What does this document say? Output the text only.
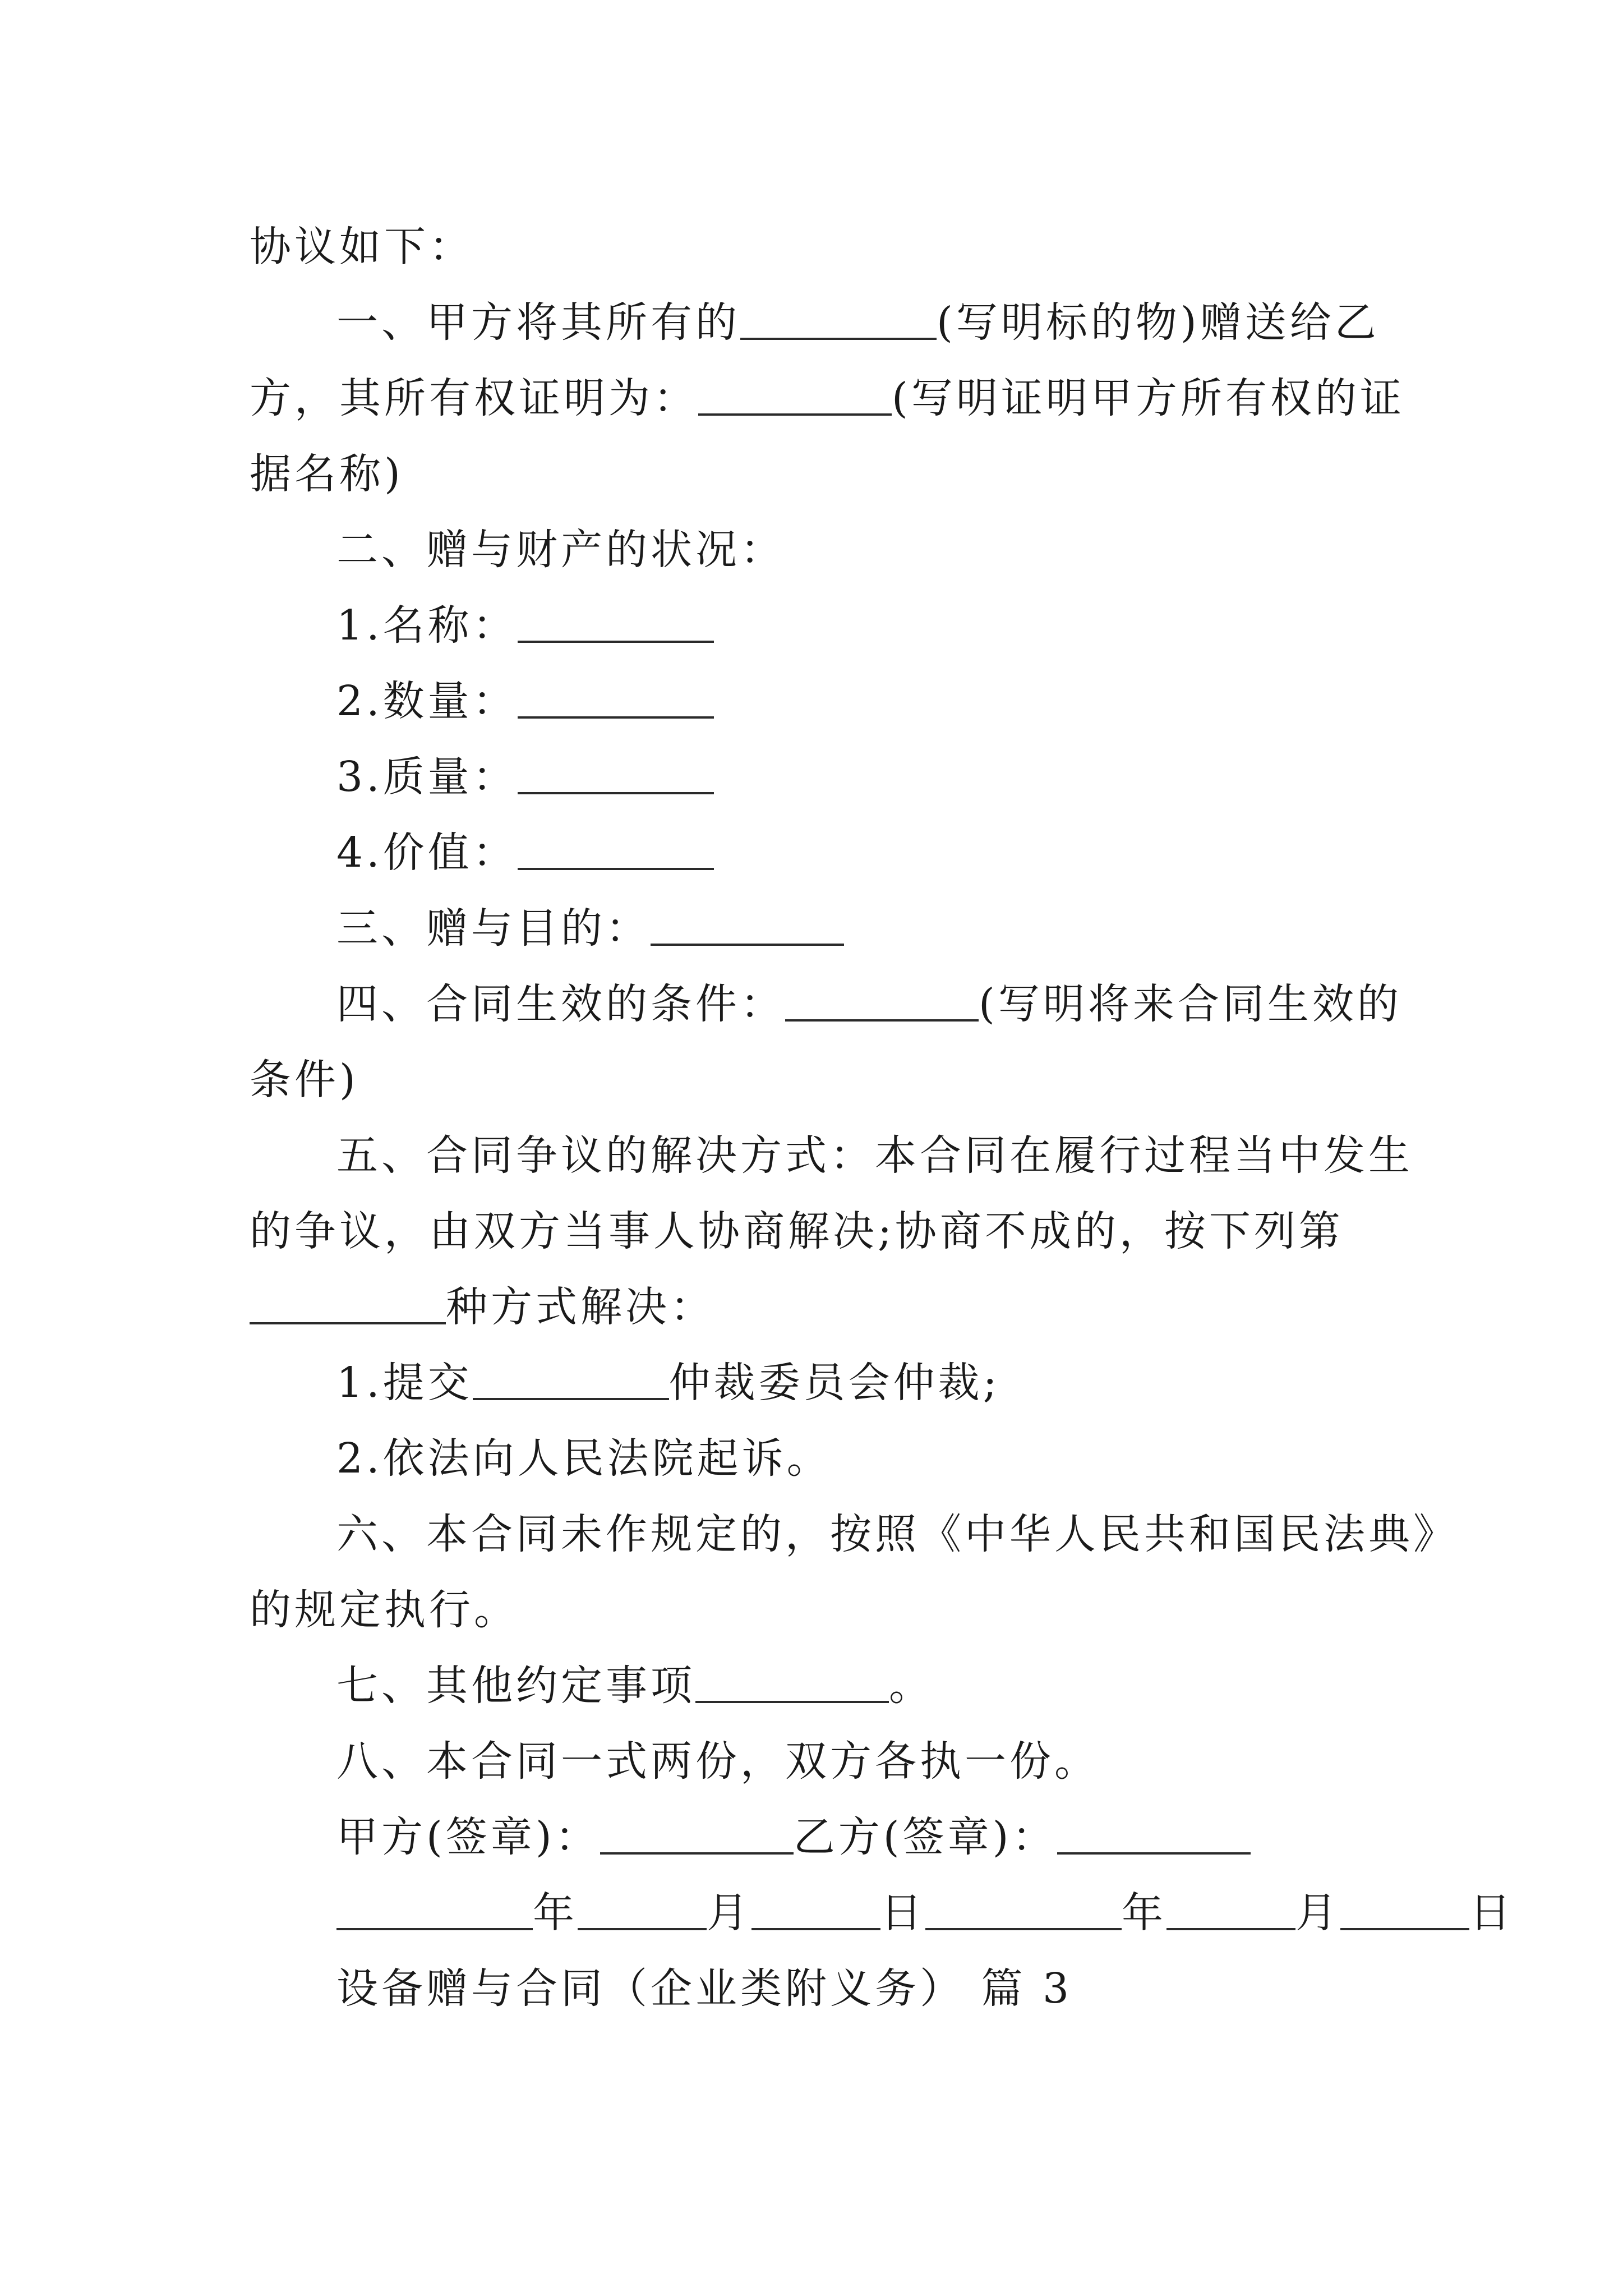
协议如下：
一、甲方将其所有的	(写明标的物)赠送给乙
方，其所有权证明为：	(写明证明甲方所有权的证
据名称)
二、赠与财产的状况：
1.名称：
2.数量：
3.质量：
4.价值：
三、赠与目的：
四、合同生效的条件：	(写明将来合同生效的
条件)
五、合同争议的解决方式：本合同在履行过程当中发生
的争议，由双方当事人协商解决;协商不成的，按下列第
种方式解决：
1.提交	仲裁委员会仲裁;
2.依法向人民法院起诉。
六、本合同未作规定的，按照《中华人民共和国民法典》
的规定执行。
七、其他约定事项	。
八、本合同一式两份，双方各执一份。
甲方(签章)：	乙方(签章)：
年	月	日	年	月	日
设备赠与合同（企业类附义务） 篇 3
